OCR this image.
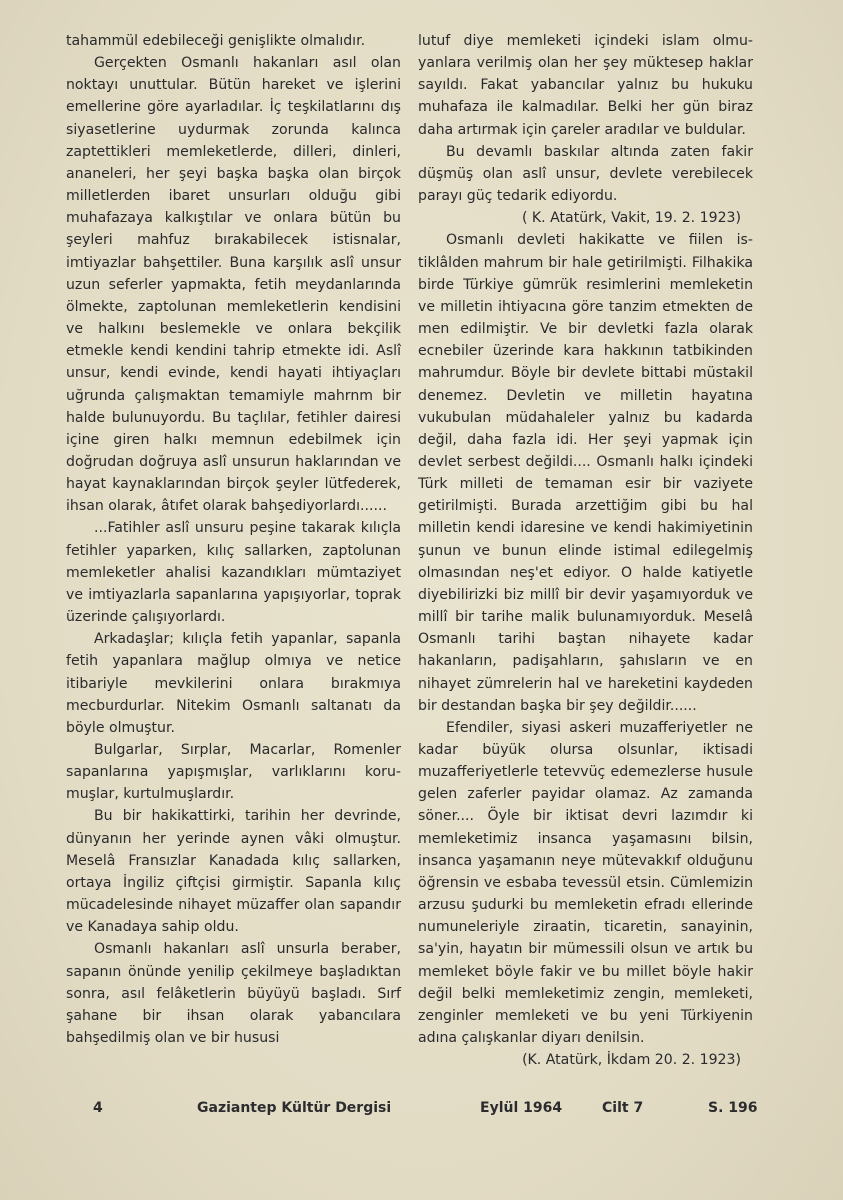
tahammül edebileceği genişlikte olmalıdır.

Gerçekten Osmanlı hakanları asıl olan noktayı unuttular. Bütün hareket ve işlerini emellerine göre ayarladılar. İç teşkilatlarını dış siyasetlerine uydurmak zorunda kalınca zaptettikleri memleketlerde, dilleri, dinleri, ananeleri, her şeyi başka başka olan birçok milletlerden ibaret unsurları olduğu gibi muhafazaya kalkıştılar ve onlara bütün bu şeyleri mahfuz bırakabilecek istisnalar, imtiyazlar bahşettiler. Buna karşılık aslî unsur uzun seferler yapmakta, fetih meydanlarında ölmekte, zaptolunan memleketlerin kendisini ve halkını beslemekle ve onlara bekçilik etmekle kendi kendini tahrip etmekte idi. Aslî unsur, kendi evinde, kendi hayati ihtiyaçları uğrunda çalışmaktan temamiyle mahrnm bir halde bulunuyordu. Bu taçlılar, fetihler dairesi içine giren halkı memnun edebilmek için doğrudan doğruya aslî unsurun haklarından ve hayat kaynaklarından birçok şeyler lütfederek, ihsan olarak, âtıfet olarak bahşediyorlardı......

...Fatihler aslî unsuru peşine takarak kılıçla fetihler yaparken, kılıç sallarken, zaptolunan memleketler ahalisi kazandıkları mümtaziyet ve imtiyazlarla sapanlarına yapışıyorlar, toprak üzerinde çalışıyorlardı.

Arkadaşlar; kılıçla fetih yapanlar, sapanla fetih yapanlara mağlup olmıya ve netice itibariyle mevkilerini onlara bırakmıya mecburdurlar. Nitekim Osmanlı saltanatı da böyle olmuştur.

Bulgarlar, Sırplar, Macarlar, Romenler sapanlarına yapışmışlar, varlıklarını korumuşlar, kurtulmuşlardır.

Bu bir hakikattirki, tarihin her devrinde, dünyanın her yerinde aynen vâki olmuştur. Meselâ Fransızlar Kanadada kılıç sallarken, ortaya İngiliz çiftçisi girmiştir. Sapanla kılıç mücadelesinde nihayet müzaffer olan sapandır ve Kanadaya sahip oldu.

Osmanlı hakanları aslî unsurla beraber, sapanın önünde yenilip çekilmeye başladıktan sonra, asıl felâketlerin büyüyü başladı. Sırf şahane bir ihsan olarak yabancılara bahşedilmiş olan ve bir hususi

lutuf diye memleketi içindeki islam olmuyanlara verilmiş olan her şey müktesep haklar sayıldı. Fakat yabancılar yalnız bu hukuku muhafaza ile kalmadılar. Belki her gün biraz daha artırmak için çareler aradılar ve buldular.

Bu devamlı baskılar altında zaten fakir düşmüş olan aslî unsur, devlete verebilecek parayı güç tedarik ediyordu.

( K. Atatürk, Vakit, 19. 2. 1923)

Osmanlı devleti hakikatte ve fiilen istiklâlden mahrum bir hale getirilmişti. Filhakika birde Türkiye gümrük resimlerini memleketin ve milletin ihtiyacına göre tanzim etmekten de men edilmiştir. Ve bir devletki fazla olarak ecnebiler üzerinde kara hakkının tatbikinden mahrumdur. Böyle bir devlete bittabi müstakil denemez. Devletin ve milletin hayatına vukubulan müdahaleler yalnız bu kadarda değil, daha fazla idi. Her şeyi yapmak için devlet serbest değildi.... Osmanlı halkı içindeki Türk milleti de temaman esir bir vaziyete getirilmişti. Burada arzettiğim gibi bu hal milletin kendi idaresine ve kendi hakimiyetinin şunun ve bunun elinde istimal edilegelmiş olmasından neş'et ediyor. O halde katiyetle diyebilirizki biz millî bir devir yaşamıyorduk ve millî bir tarihe malik bulunamıyorduk. Meselâ Osmanlı tarihi baştan nihayete kadar hakanların, padişahların, şahısların ve en nihayet zümrelerin hal ve hareketini kaydeden bir destandan başka bir şey değildir......

Efendiler, siyasi askeri muzafferiyetler ne kadar büyük olursa olsunlar, iktisadi muzafferiyetlerle tetevvüç edemezlerse husule gelen zaferler payidar olamaz. Az zamanda söner.... Öyle bir iktisat devri lazımdır ki memleketimiz insanca yaşamasını bilsin, insanca yaşamanın neye mütevakkıf olduğunu öğrensin ve esbaba tevessül etsin. Cümlemizin arzusu şudurki bu memleketin efradı ellerinde numuneleriyle ziraatin, ticaretin, sanayinin, sa'yin, hayatın bir mümessili olsun ve artık bu memleket böyle fakir ve bu millet böyle hakir değil belki memleketimiz zengin, memleketi, zenginler memleketi ve bu yeni Türkiyenin adına çalışkanlar diyarı denilsin.

(K. Atatürk, İkdam 20. 2. 1923)

4	Gaziantep Kültür Dergisi	Eylül 1964	Cilt 7	S. 196
